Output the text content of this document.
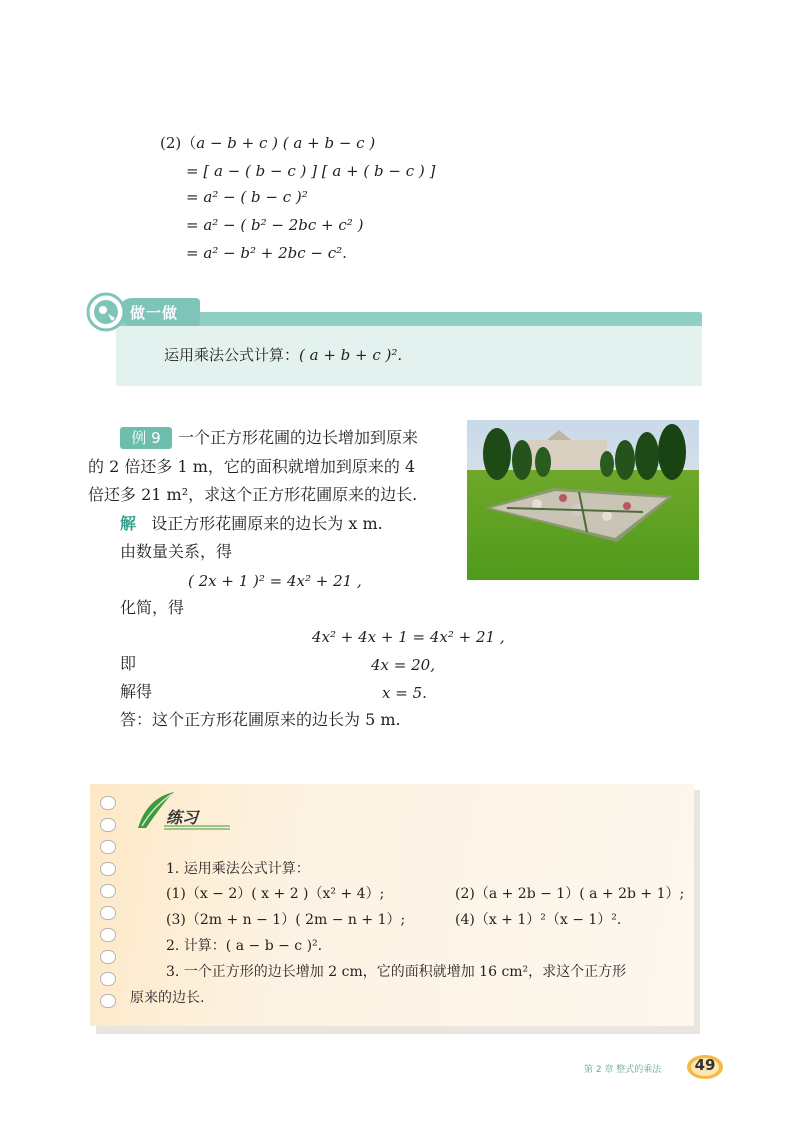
(2)（a − b + c ) ( a + b − c )
= [ a − ( b − c ) ] [ a + ( b − c ) ]
= a² − ( b − c )²
= a² − ( b² − 2bc + c² )
= a² − b² + 2bc − c².
做一做
运用乘法公式计算：( a + b + c )².
例 9	一个正方形花圃的边长增加到原来
的 2 倍还多 1 m，它的面积就增加到原来的 4
倍还多 21 m²，求这个正方形花圃原来的边长.
解 设正方形花圃原来的边长为 x m.
由数量关系，得
( 2x + 1 )² = 4x² + 21 ,
化简，得
4x² + 4x + 1 = 4x² + 21 ,
即	4x = 20,
解得	x = 5.
答：这个正方形花圃原来的边长为 5 m.
练习
1. 运用乘法公式计算：
(1)（x − 2）( x + 2 )（x² + 4）;	(2)（a + 2b − 1）( a + 2b + 1）;
(3)（2m + n − 1）( 2m − n + 1）;	(4)（x + 1）²（x − 1）².
2. 计算：( a − b − c )².
3. 一个正方形的边长增加 2 cm，它的面积就增加 16 cm²，求这个正方形
原来的边长.
第 2 章 整式的乘法	49
